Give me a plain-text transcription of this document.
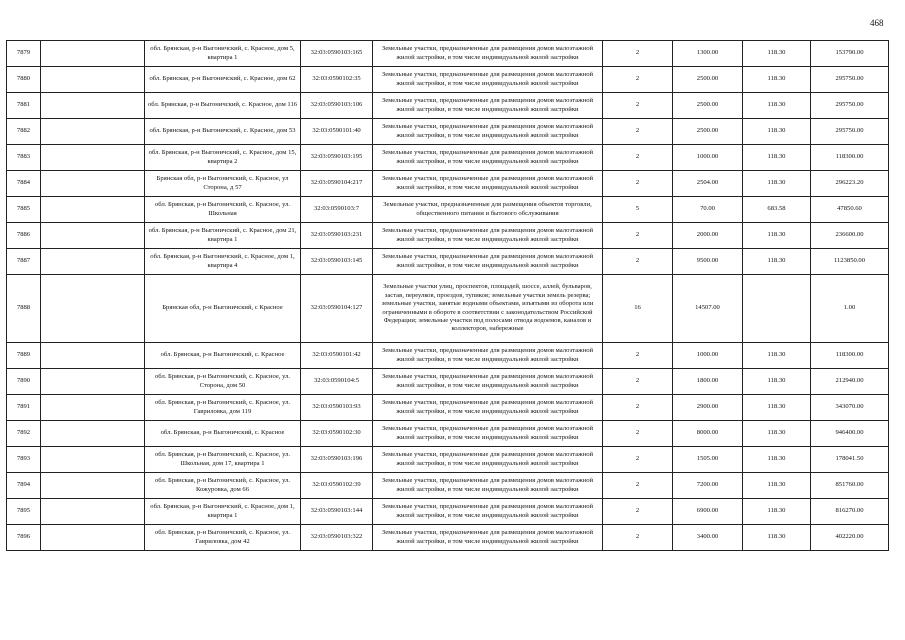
468
7879		обл. Брянская, р-н Выгоничский, с. Красное, дом 5, квартира 1	32:03:0590103:165	Земельные участки, предназначенные для размещения домов малоэтажной жилой застройки, в том числе индивидуальной жилой застройки	2	1300.00	118.30	153790.00
7880		обл. Брянская, р-н Выгоничский, с. Красное, дом 62	32:03:0590102:35	Земельные участки, предназначенные для размещения домов малоэтажной жилой застройки, в том числе индивидуальной жилой застройки	2	2500.00	118.30	295750.00
7881		обл. Брянская, р-н Выгоничский, с. Красное, дом 116	32:03:0590103:106	Земельные участки, предназначенные для размещения домов малоэтажной жилой застройки, в том числе индивидуальной жилой застройки	2	2500.00	118.30	295750.00
7882		обл. Брянская, р-н Выгоничский, с. Красное, дом 53	32:03:0590101:40	Земельные участки, предназначенные для размещения домов малоэтажной жилой застройки, в том числе индивидуальной жилой застройки	2	2500.00	118.30	295750.00
7883		обл. Брянская, р-н Выгоничский, с. Красное, дом 15, квартира 2	32:03:0590103:195	Земельные участки, предназначенные для размещения домов малоэтажной жилой застройки, в том числе индивидуальной жилой застройки	2	1000.00	118.30	118300.00
7884		Брянская обл, р-н Выгоничский, с. Красное, ул Сторона, д 57	32:03:0590104:217	Земельные участки, предназначенные для размещения домов малоэтажной жилой застройки, в том числе индивидуальной жилой застройки	2	2504.00	118.30	296223.20
7885		обл. Брянская, р-н Выгоничский, с. Красное, ул. Школьная	32:03:0590103:7	Земельные участки, предназначенные для размещения объектов торговли, общественного питания и бытового обслуживания	5	70.00	683.58	47850.60
7886		обл. Брянская, р-н Выгоничский, с. Красное, дом 21, квартира 1	32:03:0590103:231	Земельные участки, предназначенные для размещения домов малоэтажной жилой застройки, в том числе индивидуальной жилой застройки	2	2000.00	118.30	236600.00
7887		обл. Брянская, р-н Выгоничский, с. Красное, дом 1, квартира 4	32:03:0590103:145	Земельные участки, предназначенные для размещения домов малоэтажной жилой застройки, в том числе индивидуальной жилой застройки	2	9500.00	118.30	1123850.00
7888		Брянская обл, р-н Выгоничский, с Красное	32:03:0590104:127	Земельные участки улиц, проспектов, площадей, шоссе, аллей, бульваров, застав, переулков, проездов, тупиков; земельные участки земель резерва; земельные участки, занятые водными объектами, изъятыми из оборота или ограниченными в обороте в соответствии с законодательством Российской Федерации; земельные участки под полосами отвода водоемов, каналов и коллекторов, набережные	16	14507.00		1.00
7889		обл. Брянская, р-н Выгоничский, с. Красное	32:03:0590101:42	Земельные участки, предназначенные для размещения домов малоэтажной жилой застройки, в том числе индивидуальной жилой застройки	2	1000.00	118.30	118300.00
7890		обл. Брянская, р-н Выгоничский, с. Красное, ул. Сторона, дом 50	32:03:0590104:5	Земельные участки, предназначенные для размещения домов малоэтажной жилой застройки, в том числе индивидуальной жилой застройки	2	1800.00	118.30	212940.00
7891		обл. Брянская, р-н Выгоничский, с. Красное, ул. Гавриловка, дом 119	32:03:0590103:93	Земельные участки, предназначенные для размещения домов малоэтажной жилой застройки, в том числе индивидуальной жилой застройки	2	2900.00	118.30	343070.00
7892		обл. Брянская, р-н Выгоничский, с. Красное	32:03:0590102:30	Земельные участки, предназначенные для размещения домов малоэтажной жилой застройки, в том числе индивидуальной жилой застройки	2	8000.00	118.30	946400.00
7893		обл. Брянская, р-н Выгоничский, с. Красное, ул. Школьная, дом 17, квартира 1	32:03:0590103:196	Земельные участки, предназначенные для размещения домов малоэтажной жилой застройки, в том числе индивидуальной жилой застройки	2	1505.00	118.30	178041.50
7894		обл. Брянская, р-н Выгоничский, с. Красное, ул. Кожуровка, дом 66	32:03:0590102:39	Земельные участки, предназначенные для размещения домов малоэтажной жилой застройки, в том числе индивидуальной жилой застройки	2	7200.00	118.30	851760.00
7895		обл. Брянская, р-н Выгоничский, с. Красное, дом 1, квартира 1	32:03:0590103:144	Земельные участки, предназначенные для размещения домов малоэтажной жилой застройки, в том числе индивидуальной жилой застройки	2	6900.00	118.30	816270.00
7896		обл. Брянская, р-н Выгоничский, с. Красное, ул. Гавриловка, дом 42	32:03:0590103:322	Земельные участки, предназначенные для размещения домов малоэтажной жилой застройки, в том числе индивидуальной жилой застройки	2	3400.00	118.30	402220.00
